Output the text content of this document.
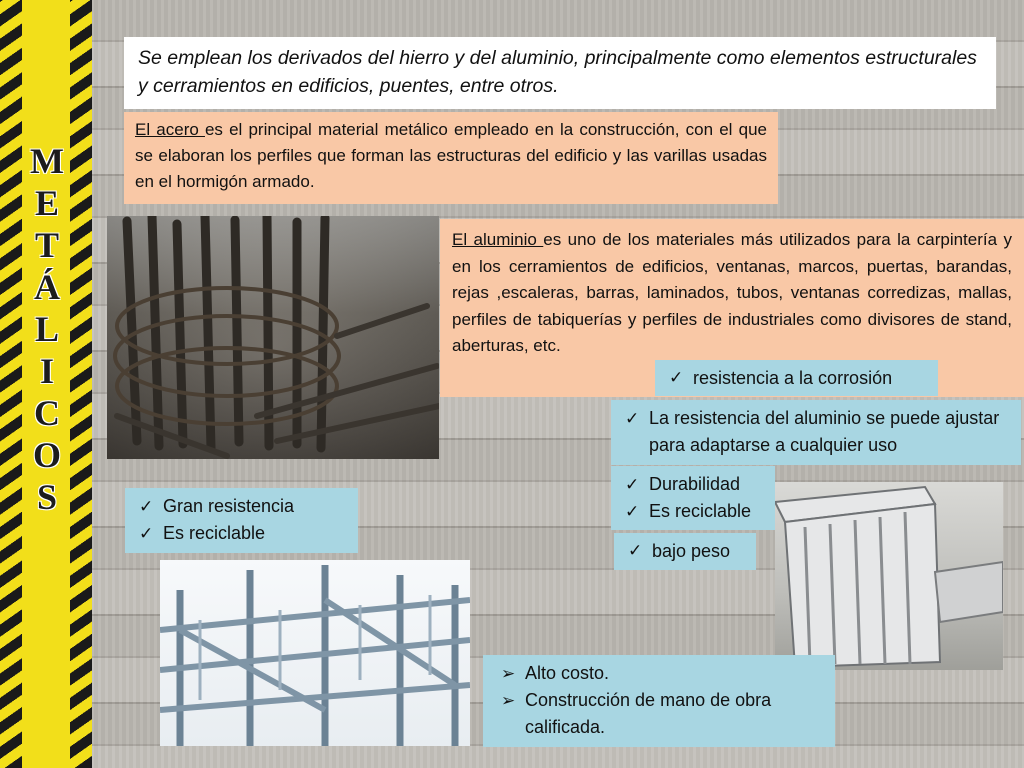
M
E
T
Á
L
I
C
O
S
Se emplean los derivados del hierro y del aluminio, principalmente como elementos estructurales y cerramientos en edificios, puentes, entre otros.
El acero es el principal material metálico empleado en la construcción, con el que se elaboran los perfiles que forman las estructuras del edificio y las varillas usadas en el hormigón armado.
El aluminio es uno de los materiales más utilizados para la carpintería y en los cerramientos de edificios, ventanas, marcos, puertas, barandas, rejas ,escaleras, barras, laminados, tubos, ventanas corredizas, mallas, perfiles de tabiquerías y perfiles de industriales como divisores de stand, aberturas, etc.
✓ resistencia a la corrosión
✓ La resistencia del aluminio se puede ajustar para adaptarse a cualquier uso
✓ Durabilidad
✓ Es reciclable
✓ bajo peso
✓ Gran resistencia
✓ Es reciclable
➢ Alto costo.
➢ Construcción de mano de obra calificada.
